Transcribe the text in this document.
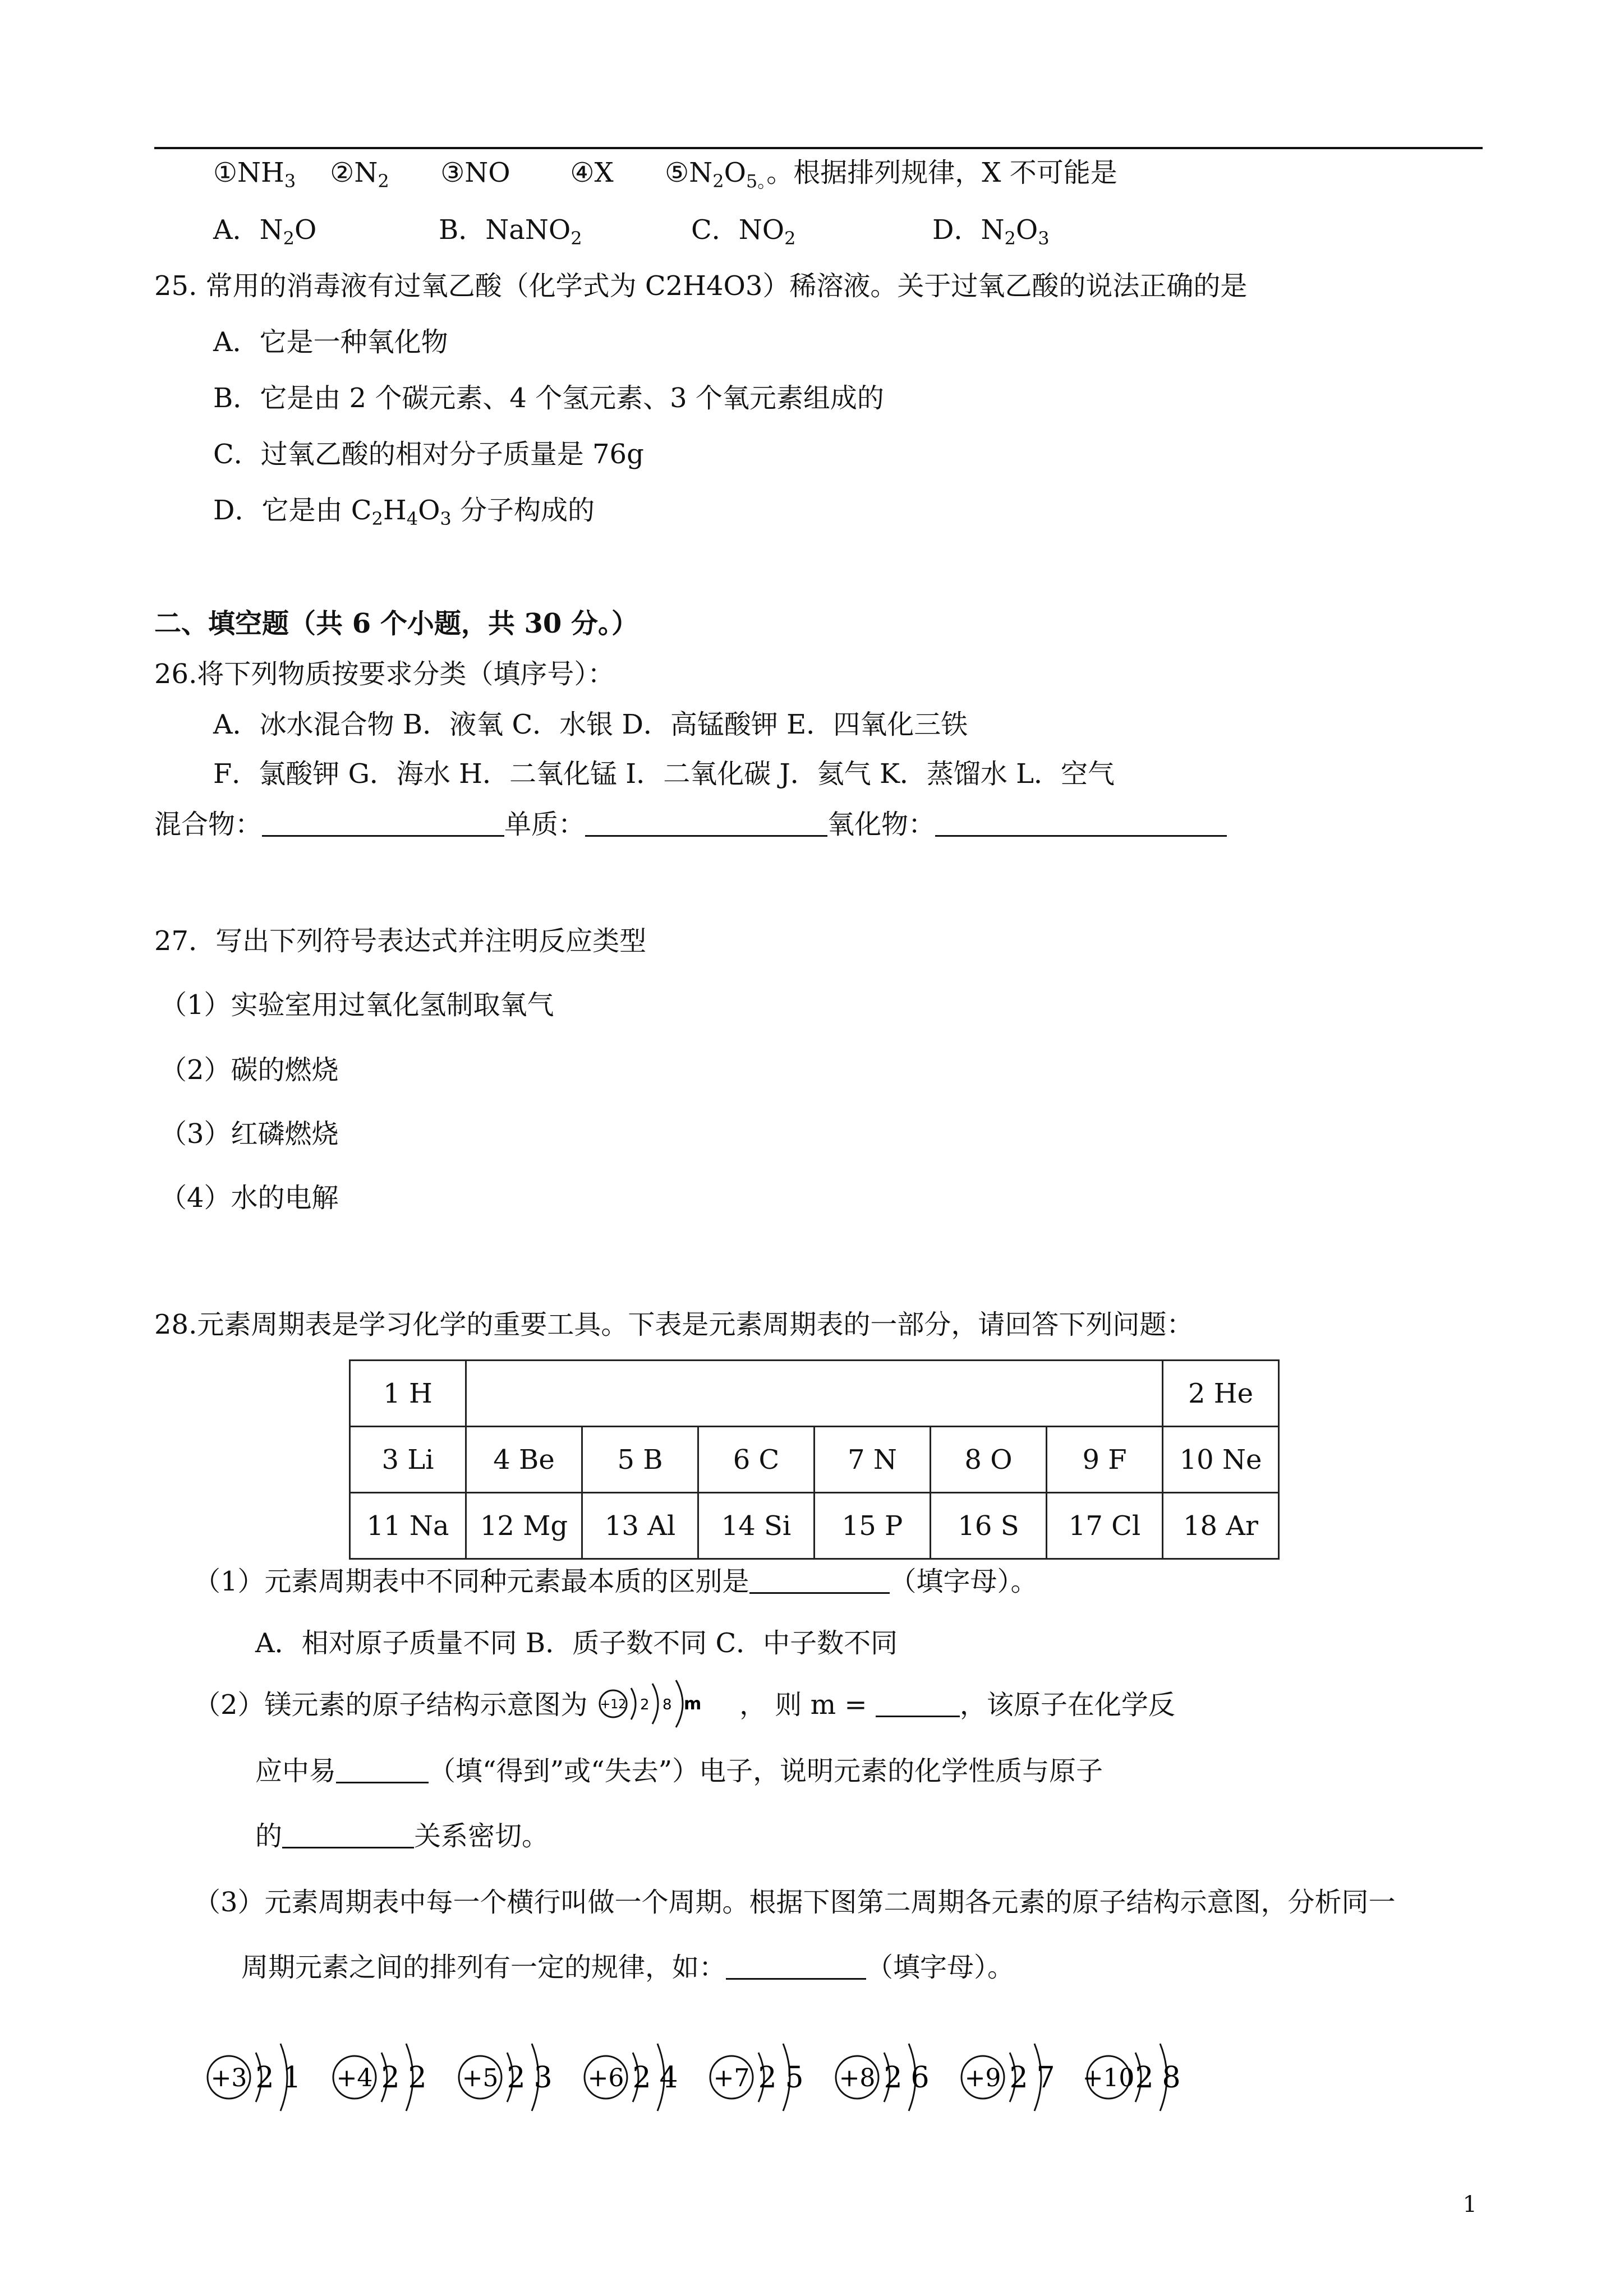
$①NH_3$ $②N_2$ ③NO ④X $⑤N_2O_{5。}$。根据排列规律，X 不可能是
A．$N_2O$	B．NaNO$_2$	C．$NO_2$	D．$N_2O_3$
25. 常用的消毒液有过氧乙酸（化学式为 C2H4O3）稀溶液。关于过氧乙酸的说法正确的是
A．它是一种氧化物
B．它是由 2 个碳元素、4 个氢元素、3 个氧元素组成的
C．过氧乙酸的相对分子质量是 76g
D．它是由 $C_2H_4O_3$ 分子构成的
二、填空题（共 6 个小题，共 30 分。）
26.将下列物质按要求分类（填序号）：
A．冰水混合物 B．液氧 C．水银 D．高锰酸钾 E．四氧化三铁
F．氯酸钾 G．海水 H．二氧化锰 I．二氧化碳 J．氦气 K．蒸馏水 L．空气
混合物：	单质：	氧化物：
27．写出下列符号表达式并注明反应类型
（1）实验室用过氧化氢制取氧气
（2）碳的燃烧
（3）红磷燃烧
（4）水的电解
28.元素周期表是学习化学的重要工具。下表是元素周期表的一部分，请回答下列问题：
1 H							2 He
3 Li	4 Be	5 B	6 C	7 N	8 O	9 F	10 Ne
11 Na	12 Mg	13 Al	14 Si	15 P	16 S	17 Cl	18 Ar
（1）元素周期表中不同种元素最本质的区别是	（填字母）。
A．相对原子质量不同 B．质子数不同 C．中子数不同
（2）镁元素的原子结构示意图为 +12 2 8 m ， 则 m =	，该原子在化学反
应中易	（填“得到”或“失去”）电子，说明元素的化学性质与原子
的	关系密切。
（3）元素周期表中每一个横行叫做一个周期。根据下图第二周期各元素的原子结构示意图，分析同一
周期元素之间的排列有一定的规律，如：	（填字母）。
+3 2 1 +4 2 2 +5 2 3 +6 2 4 +7 2 5 +8 2 6 +9 2 7 +10 2 8
1
